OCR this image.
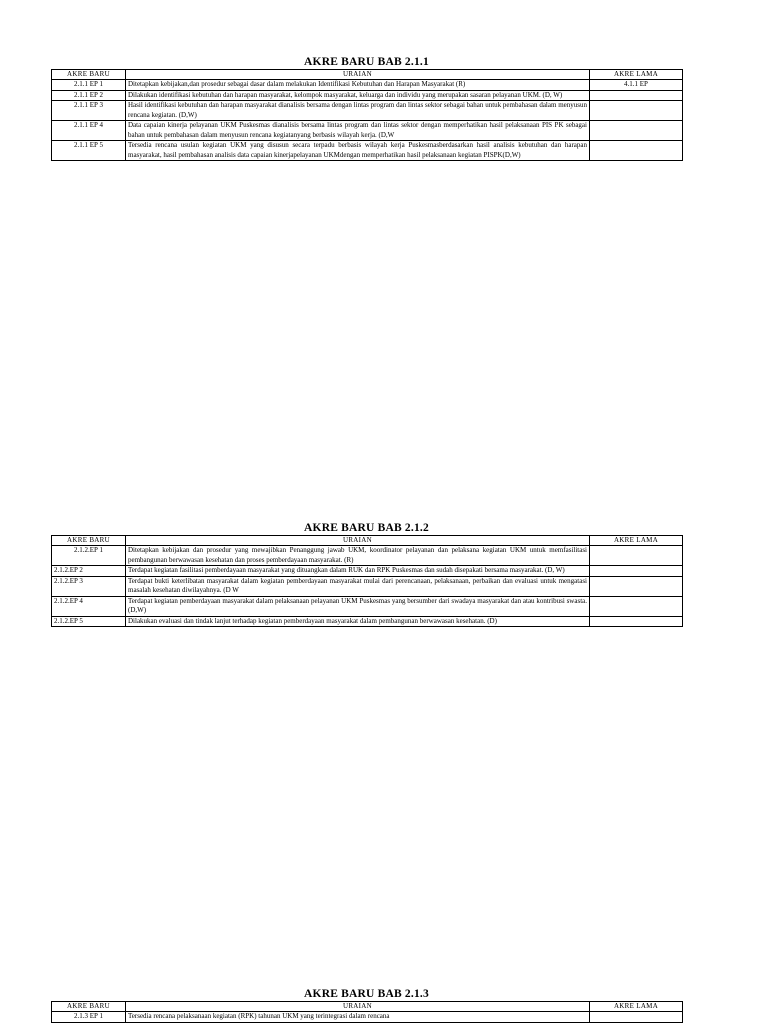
AKRE BARU BAB 2.1.1
AKRE BARU	URAIAN	AKRE LAMA
2.1.1 EP 1	Ditetapkan kebijakan,dan prosedur sebagai dasar dalam melakukan Identifikasi Kebutuhan dan Harapan Masyarakat (R)	4.1.1 EP
2.1.1 EP 2	Dilakukan identifikasi kebutuhan dan harapan masyarakat, kelompok masyarakat, keluarga dan individu yang merupakan sasaran pelayanan UKM. (D, W)	
2.1.1 EP 3	Hasil identifikasi kebutuhan dan harapan masyarakat dianalisis bersama dengan lintas program dan lintas sektor sebagai bahan untuk pembahasan dalam menyusun rencana kegiatan. (D,W)	
2.1.1 EP 4	Data capaian kinerja pelayanan UKM Puskesmas dianalisis bersama lintas program dan lintas sektor dengan memperhatikan hasil pelaksanaan PIS PK sebagai bahan untuk pembahasan dalam menyusun rencana kegiatanyang berbasis wilayah kerja. (D,W	
2.1.1 EP 5	Tersedia rencana usulan kegiatan UKM yang disusun secara terpadu berbasis wilayah kerja Puskesmasberdasarkan hasil analisis kebutuhan dan harapan masyarakat, hasil pembahasan analisis data capaian kinerjapelayanan UKMdengan memperhatikan hasil pelaksanaan kegiatan PISPK(D,W)	
AKRE BARU BAB 2.1.2
AKRE BARU	URAIAN	AKRE LAMA
2.1.2.EP 1	Ditetapkan kebijakan dan prosedur yang mewajibkan Penanggung jawab UKM, koordinator pelayanan dan pelaksana kegiatan UKM untuk memfasilitasi pembangunan berwawasan kesehatan dan proses pemberdayaan masyarakat. (R)	
2.1.2.EP 2	Terdapat kegiatan fasilitasi pemberdayaan masyarakat yang dituangkan dalam RUK dan RPK Puskesmas dan sudah disepakati bersama masyarakat. (D, W)	
2.1.2.EP 3	Terdapat bukti keterlibatan masyarakat dalam kegiatan pemberdayaan masyarakat mulai dari perencanaan, pelaksanaan, perbaikan dan evaluasi untuk mengatasi masalah kesehatan diwilayahnya. (D W	
2.1.2.EP 4	Terdapat kegiatan pemberdayaan masyarakat dalam pelaksanaan pelayanan UKM Puskesmas yang bersumber dari swadaya masyarakat dan atau kontribusi swasta. (D,W)	
2.1.2.EP 5	Dilakukan evaluasi dan tindak lanjut terhadap kegiatan pemberdayaan masyarakat dalam pembangunan berwawasan kesehatan. (D)	
AKRE BARU BAB 2.1.3
AKRE BARU	URAIAN	AKRE LAMA
2.1.3 EP 1	Tersedia rencana pelaksanaan kegiatan (RPK) tahunan UKM yang terintegrasi dalam rencana	
